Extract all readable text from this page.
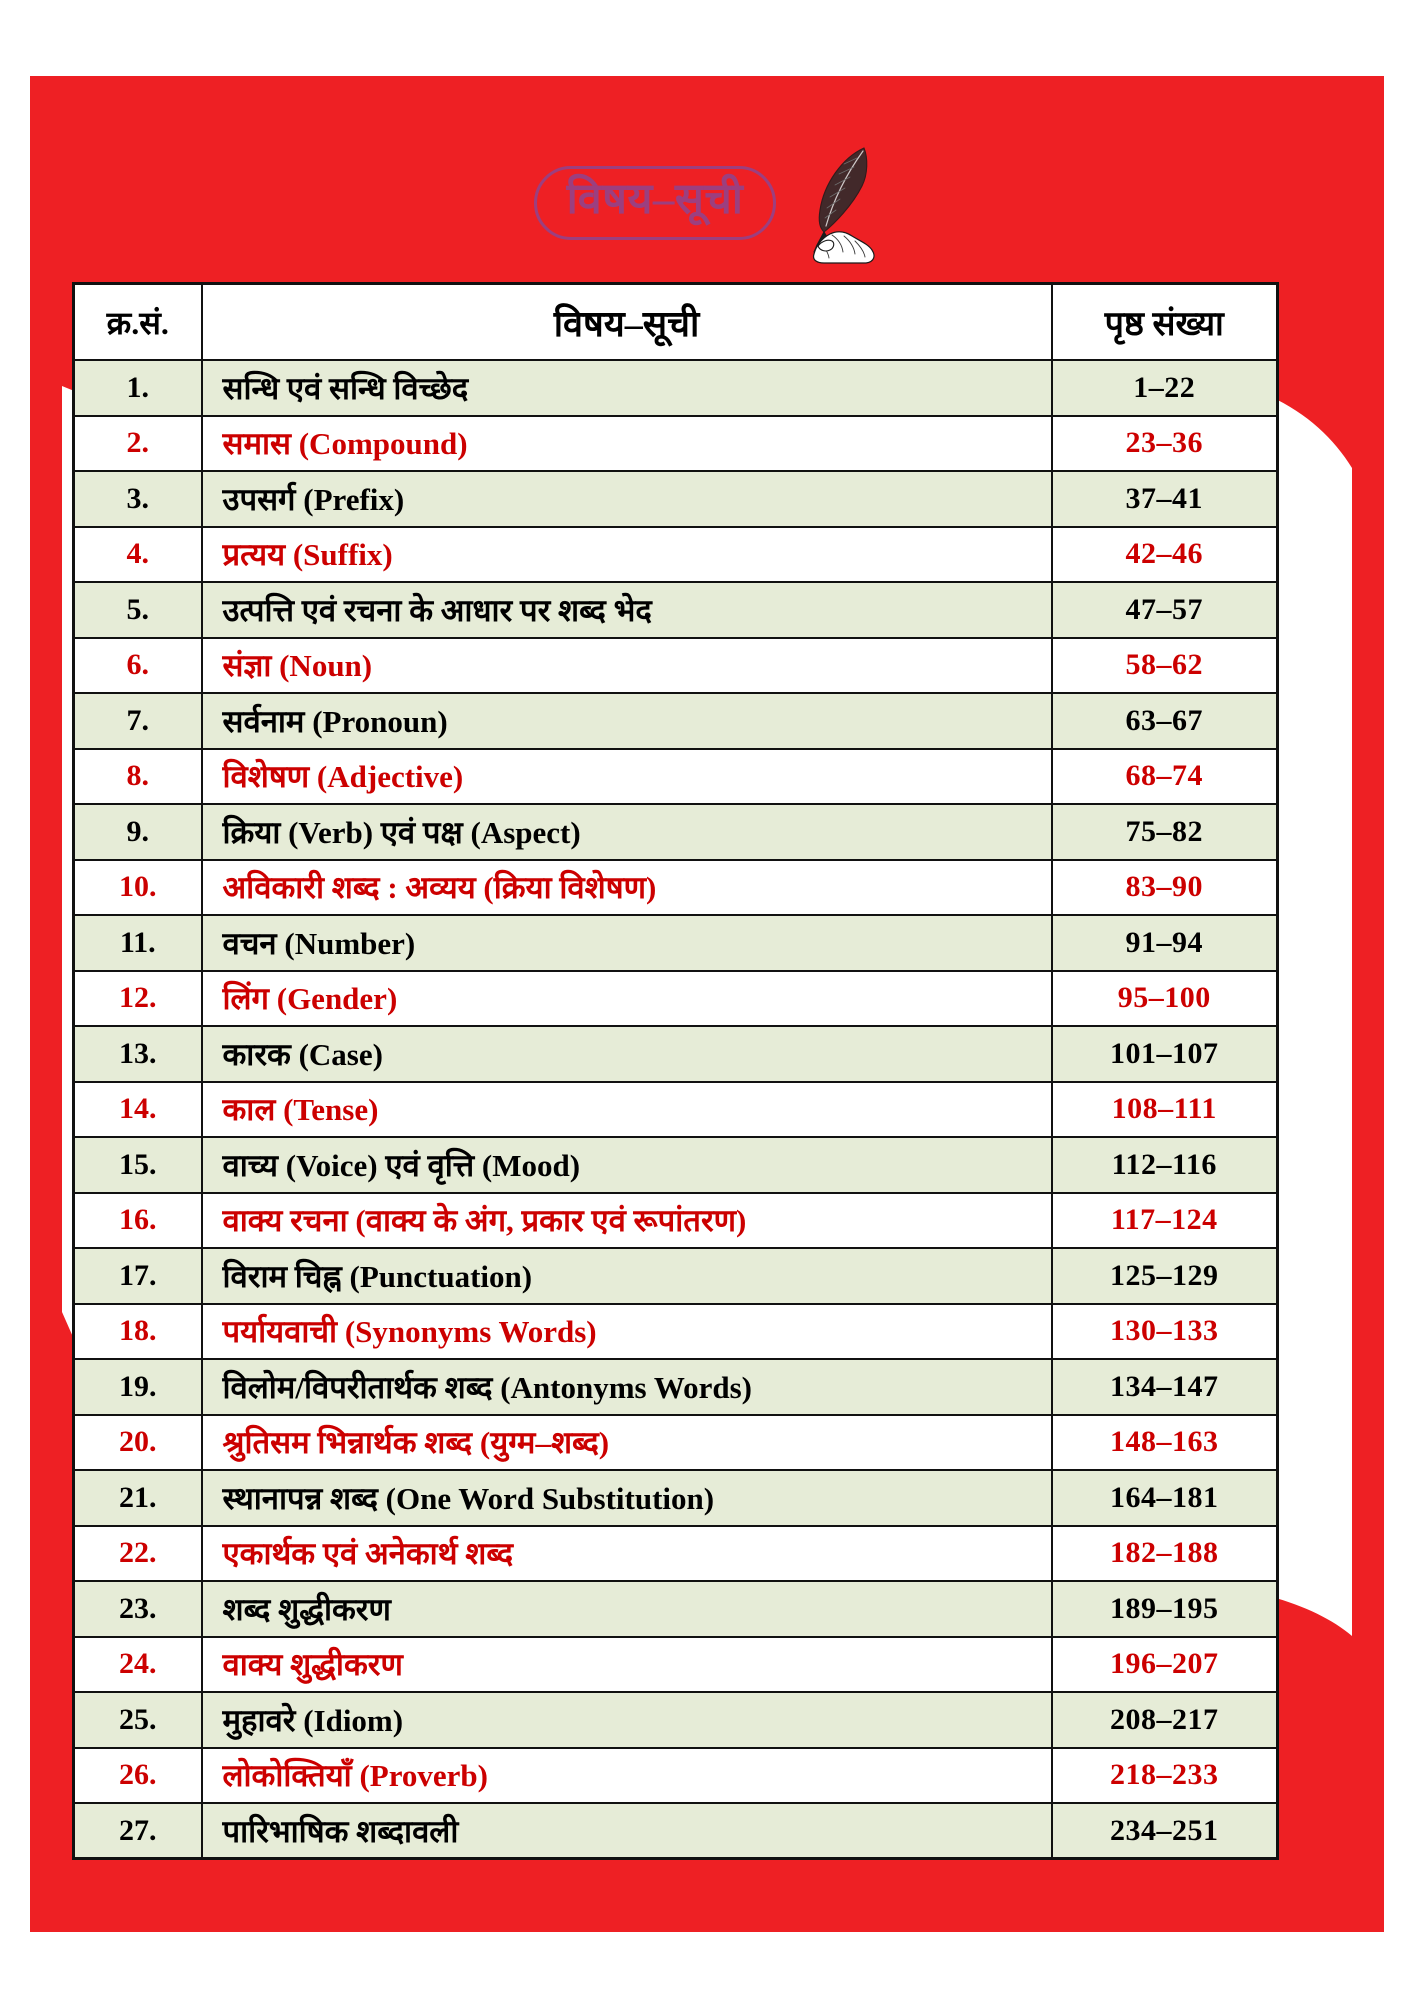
विषय–सूची
क्र.सं.	विषय–सूची	पृष्ठ संख्या
1.	सन्धि एवं सन्धि विच्छेद	1–22
2.	समास (Compound)	23–36
3.	उपसर्ग (Prefix)	37–41
4.	प्रत्यय (Suffix)	42–46
5.	उत्पत्ति एवं रचना के आधार पर शब्द भेद	47–57
6.	संज्ञा (Noun)	58–62
7.	सर्वनाम (Pronoun)	63–67
8.	विशेषण (Adjective)	68–74
9.	क्रिया (Verb) एवं पक्ष (Aspect)	75–82
10.	अविकारी शब्द : अव्यय (क्रिया विशेषण)	83–90
11.	वचन (Number)	91–94
12.	लिंग (Gender)	95–100
13.	कारक (Case)	101–107
14.	काल (Tense)	108–111
15.	वाच्य (Voice) एवं वृत्ति (Mood)	112–116
16.	वाक्य रचना (वाक्य के अंग, प्रकार एवं रूपांतरण)	117–124
17.	विराम चिह्न (Punctuation)	125–129
18.	पर्यायवाची (Synonyms Words)	130–133
19.	विलोम/विपरीतार्थक शब्द (Antonyms Words)	134–147
20.	श्रुतिसम भिन्नार्थक शब्द (युग्म–शब्द)	148–163
21.	स्थानापन्न शब्द (One Word Substitution)	164–181
22.	एकार्थक एवं अनेकार्थ शब्द	182–188
23.	शब्द शुद्धीकरण	189–195
24.	वाक्य शुद्धीकरण	196–207
25.	मुहावरे (Idiom)	208–217
26.	लोकोक्तियाँ (Proverb)	218–233
27.	पारिभाषिक शब्दावली	234–251
